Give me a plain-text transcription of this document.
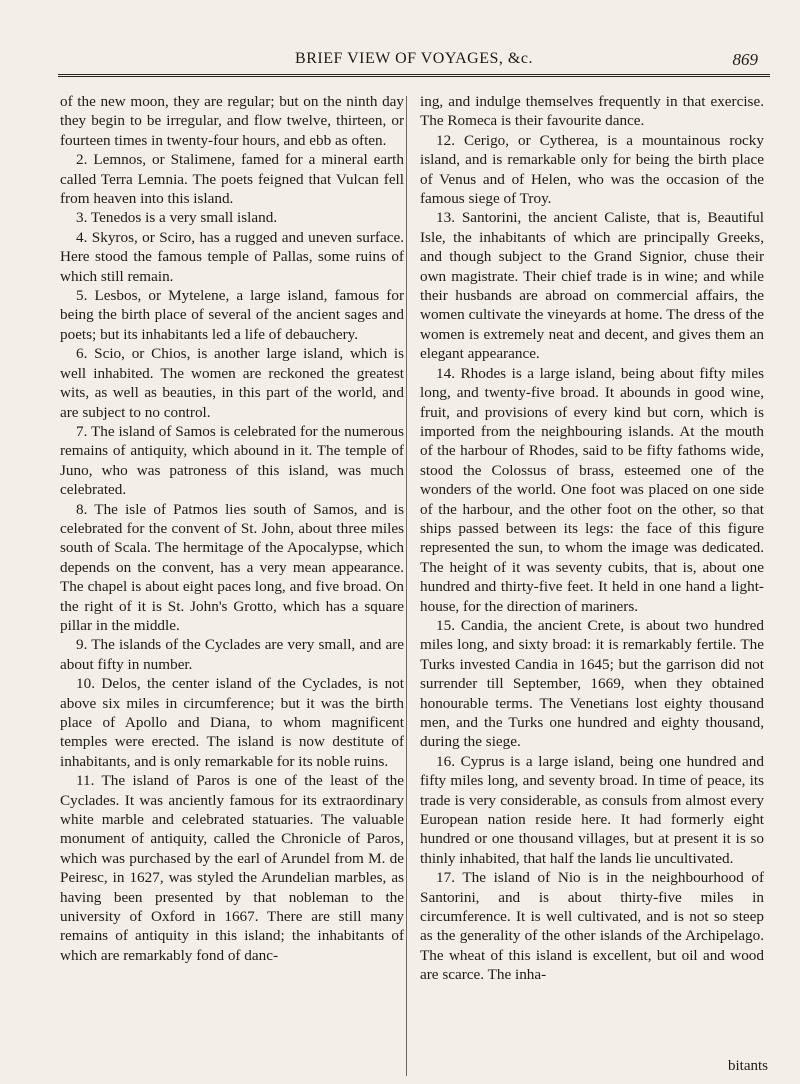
BRIEF VIEW OF VOYAGES, &c.	869

of the new moon, they are regular; but on the ninth day they begin to be irregular, and flow twelve, thirteen, or fourteen times in twenty-four hours, and ebb as often.

2. Lemnos, or Stalimene, famed for a mineral earth called Terra Lemnia. The poets feigned that Vulcan fell from heaven into this island.

3. Tenedos is a very small island.

4. Skyros, or Sciro, has a rugged and uneven surface. Here stood the famous temple of Pallas, some ruins of which still remain.

5. Lesbos, or Mytelene, a large island, famous for being the birth place of several of the ancient sages and poets; but its inhabitants led a life of debauchery.

6. Scio, or Chios, is another large island, which is well inhabited. The women are reckoned the greatest wits, as well as beauties, in this part of the world, and are subject to no control.

7. The island of Samos is celebrated for the numerous remains of antiquity, which abound in it. The temple of Juno, who was patroness of this island, was much celebrated.

8. The isle of Patmos lies south of Samos, and is celebrated for the convent of St. John, about three miles south of Scala. The hermitage of the Apocalypse, which depends on the convent, has a very mean appearance. The chapel is about eight paces long, and five broad. On the right of it is St. John's Grotto, which has a square pillar in the middle.

9. The islands of the Cyclades are very small, and are about fifty in number.

10. Delos, the center island of the Cyclades, is not above six miles in circumference; but it was the birth place of Apollo and Diana, to whom magnificent temples were erected. The island is now destitute of inhabitants, and is only remarkable for its noble ruins.

11. The island of Paros is one of the least of the Cyclades. It was anciently famous for its extraordinary white marble and celebrated statuaries. The valuable monument of antiquity, called the Chronicle of Paros, which was purchased by the earl of Arundel from M. de Peiresc, in 1627, was styled the Arundelian marbles, as having been presented by that nobleman to the university of Oxford in 1667. There are still many remains of antiquity in this island; the inhabitants of which are remarkably fond of danc-

ing, and indulge themselves frequently in that exercise. The Romeca is their favourite dance.

12. Cerigo, or Cytherea, is a mountainous rocky island, and is remarkable only for being the birth place of Venus and of Helen, who was the occasion of the famous siege of Troy.

13. Santorini, the ancient Caliste, that is, Beautiful Isle, the inhabitants of which are principally Greeks, and though subject to the Grand Signior, chuse their own magistrate. Their chief trade is in wine; and while their husbands are abroad on commercial affairs, the women cultivate the vineyards at home. The dress of the women is extremely neat and decent, and gives them an elegant appearance.

14. Rhodes is a large island, being about fifty miles long, and twenty-five broad. It abounds in good wine, fruit, and provisions of every kind but corn, which is imported from the neighbouring islands. At the mouth of the harbour of Rhodes, said to be fifty fathoms wide, stood the Colossus of brass, esteemed one of the wonders of the world. One foot was placed on one side of the harbour, and the other foot on the other, so that ships passed between its legs: the face of this figure represented the sun, to whom the image was dedicated. The height of it was seventy cubits, that is, about one hundred and thirty-five feet. It held in one hand a light-house, for the direction of mariners.

15. Candia, the ancient Crete, is about two hundred miles long, and sixty broad: it is remarkably fertile. The Turks invested Candia in 1645; but the garrison did not surrender till September, 1669, when they obtained honourable terms. The Venetians lost eighty thousand men, and the Turks one hundred and eighty thousand, during the siege.

16. Cyprus is a large island, being one hundred and fifty miles long, and seventy broad. In time of peace, its trade is very considerable, as consuls from almost every European nation reside here. It had formerly eight hundred or one thousand villages, but at present it is so thinly inhabited, that half the lands lie uncultivated.

17. The island of Nio is in the neighbourhood of Santorini, and is about thirty-five miles in circumference. It is well cultivated, and is not so steep as the generality of the other islands of the Archipelago. The wheat of this island is excellent, but oil and wood are scarce. The inha-

bitants
